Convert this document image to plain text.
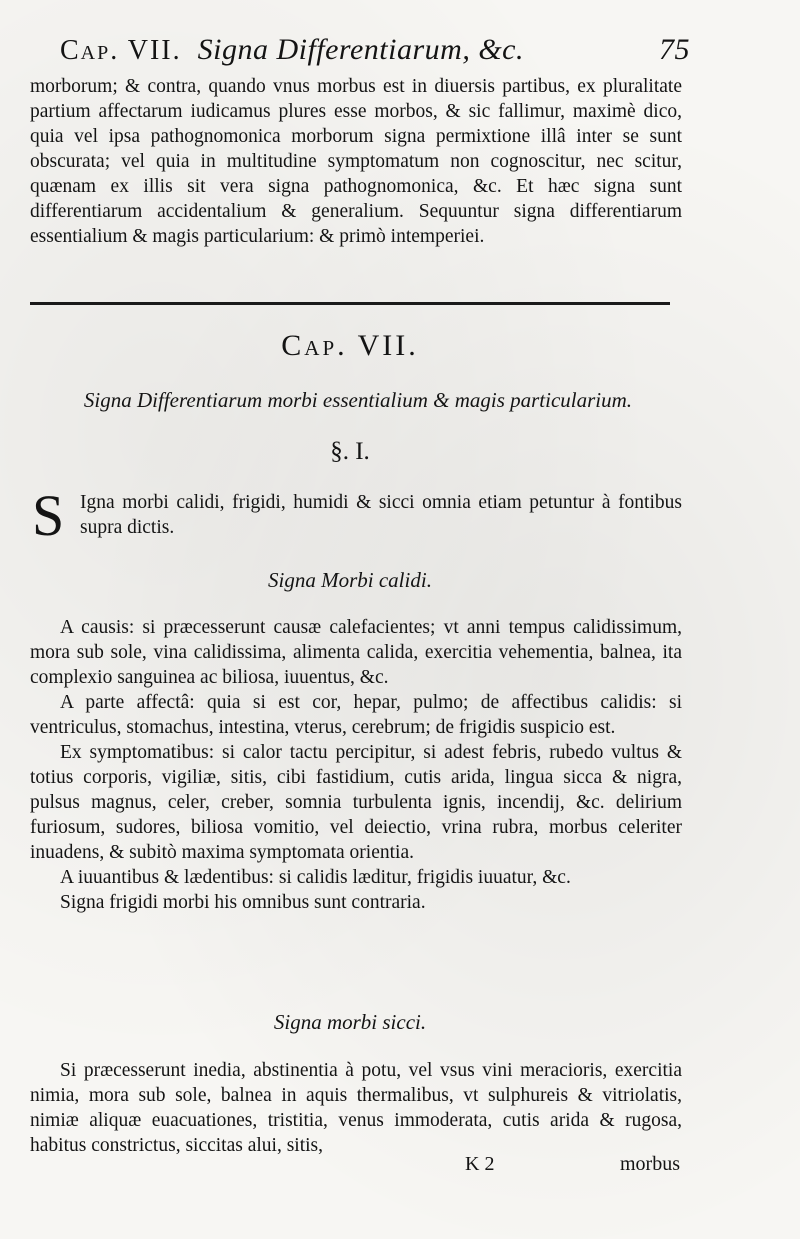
Cap. VII. Signa Differentiarum, &c.	75
morborum; & contra, quando vnus morbus est in diuersis partibus, ex pluralitate partium affectarum iudicamus plures esse morbos, & sic fallimur, maximè dico, quia vel ipsa pathognomonica morborum signa permixtione illâ inter se sunt obscurata; vel quia in multitudine symptomatum non cognoscitur, nec scitur, quænam ex illis sit vera signa pathognomonica, &c. Et hæc signa sunt differentiarum accidentalium & generalium. Sequuntur signa differentiarum essentialium & magis particularium: & primò intemperiei.
Cap. VII.
Signa Differentiarum morbi essentialium & magis particularium.
§. I.
S Igna morbi calidi, frigidi, humidi & sicci omnia etiam petuntur à fontibus supra dictis.
Signa Morbi calidi.

A causis: si præcesserunt causæ calefacientes; vt anni tempus calidissimum, mora sub sole, vina calidissima, alimenta calida, exercitia vehementia, balnea, ita complexio sanguinea ac biliosa, iuuentus, &c.

A parte affectâ: quia si est cor, hepar, pulmo; de affectibus calidis: si ventriculus, stomachus, intestina, vterus, cerebrum; de frigidis suspicio est.

Ex symptomatibus: si calor tactu percipitur, si adest febris, rubedo vultus & totius corporis, vigiliæ, sitis, cibi fastidium, cutis arida, lingua sicca & nigra, pulsus magnus, celer, creber, somnia turbulenta ignis, incendij, &c. delirium furiosum, sudores, biliosa vomitio, vel deiectio, vrina rubra, morbus celeriter inuadens, & subitò maxima symptomata orientia.

A iuuantibus & lædentibus: si calidis læditur, frigidis iuuatur, &c.

Signa frigidi morbi his omnibus sunt contraria.

Signa morbi sicci.

Si præcesserunt inedia, abstinentia à potu, vel vsus vini meracioris, exercitia nimia, mora sub sole, balnea in aquis thermalibus, vt sulphureis & vitriolatis, nimiæ aliquæ euacuationes, tristitia, venus immoderata, cutis arida & rugosa, habitus constrictus, siccitas alui, sitis,

K 2	morbus
